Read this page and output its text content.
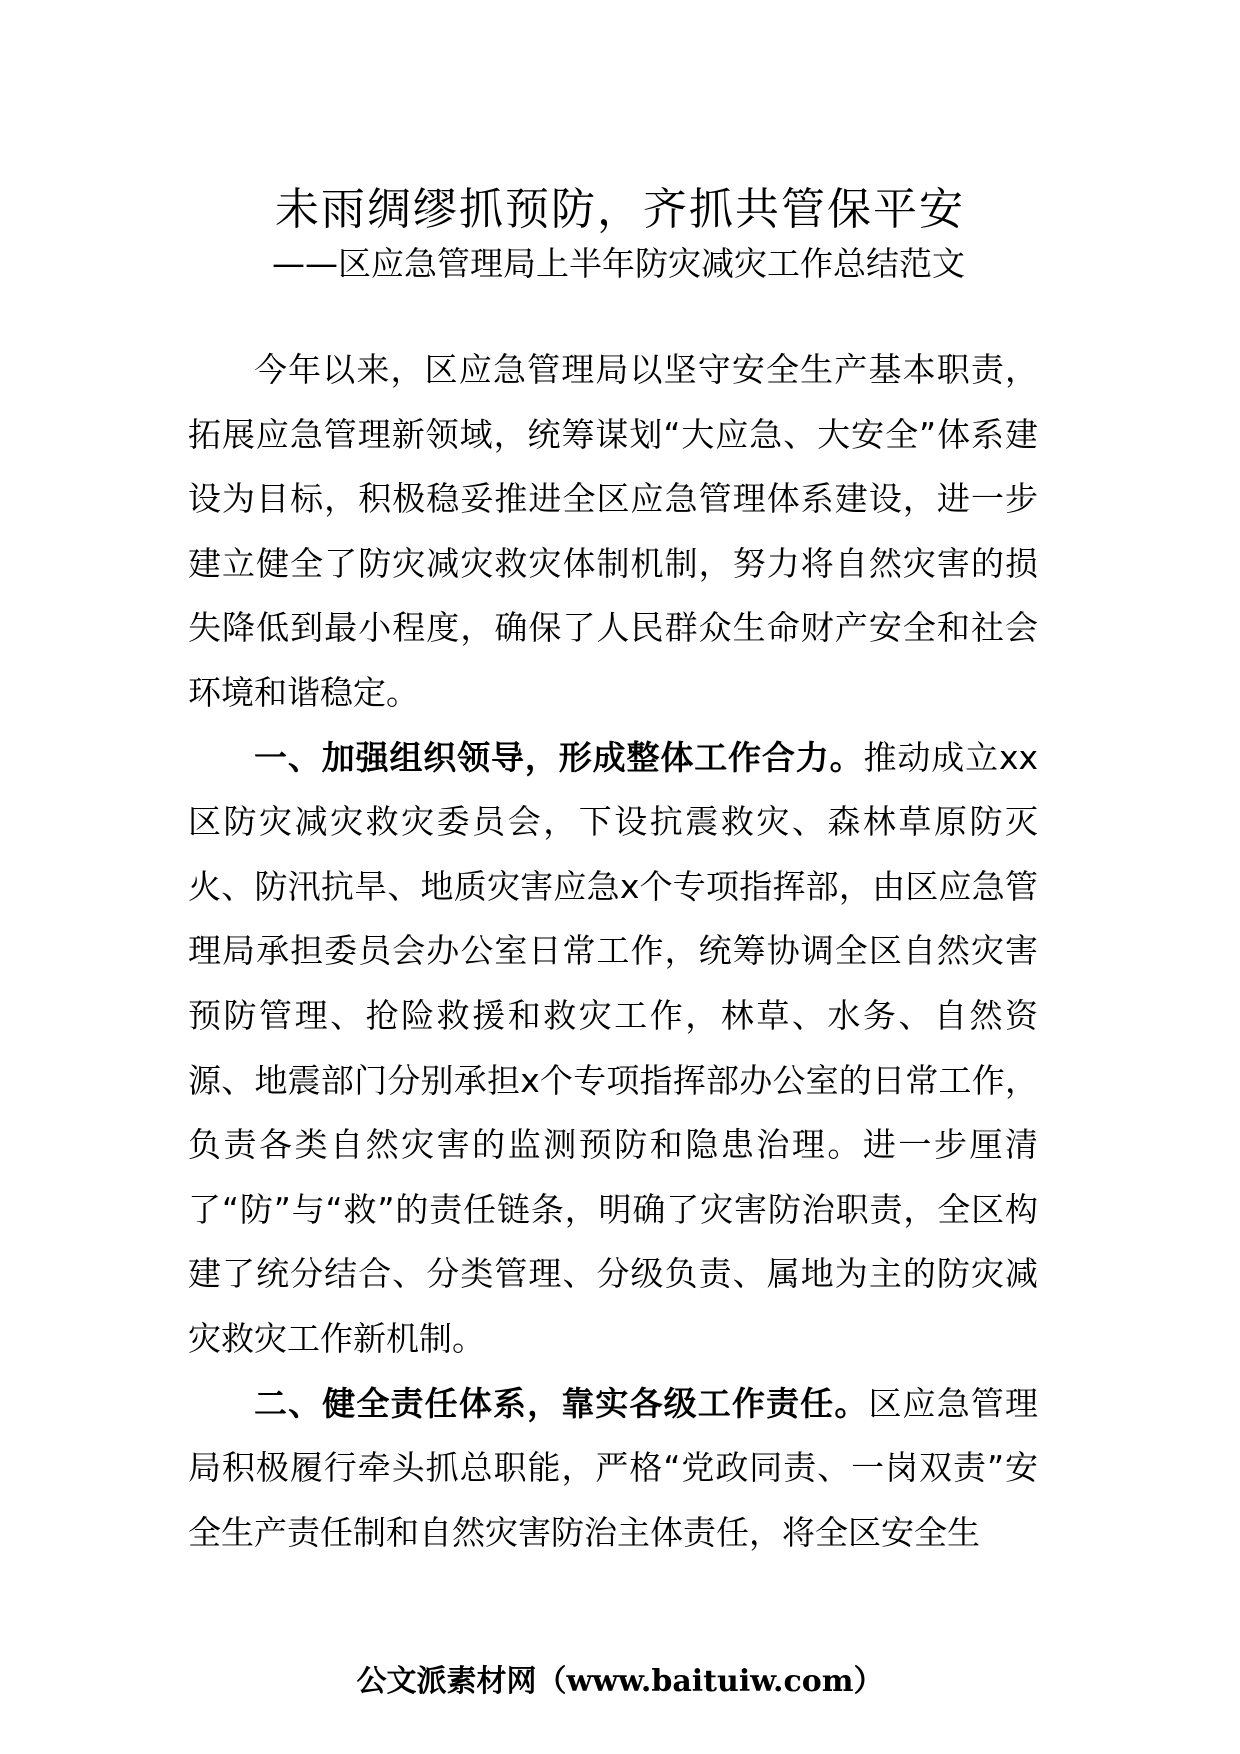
未雨绸缪抓预防，齐抓共管保平安
——区应急管理局上半年防灾减灾工作总结范文

今年以来，区应急管理局以坚守安全生产基本职责，拓展应急管理新领域，统筹谋划“大应急、大安全”体系建设为目标，积极稳妥推进全区应急管理体系建设，进一步建立健全了防灾减灾救灾体制机制，努力将自然灾害的损失降低到最小程度，确保了人民群众生命财产安全和社会环境和谐稳定。

一、加强组织领导，形成整体工作合力。推动成立xx区防灾减灾救灾委员会，下设抗震救灾、森林草原防灭火、防汛抗旱、地质灾害应急x个专项指挥部，由区应急管理局承担委员会办公室日常工作，统筹协调全区自然灾害预防管理、抢险救援和救灾工作，林草、水务、自然资源、地震部门分别承担x个专项指挥部办公室的日常工作，负责各类自然灾害的监测预防和隐患治理。进一步厘清了“防”与“救”的责任链条，明确了灾害防治职责，全区构建了统分结合、分类管理、分级负责、属地为主的防灾减灾救灾工作新机制。

二、健全责任体系，靠实各级工作责任。区应急管理局积极履行牵头抓总职能，严格“党政同责、一岗双责”安全生产责任制和自然灾害防治主体责任，将全区安全生

公文派素材网（www.baituiw.com）
